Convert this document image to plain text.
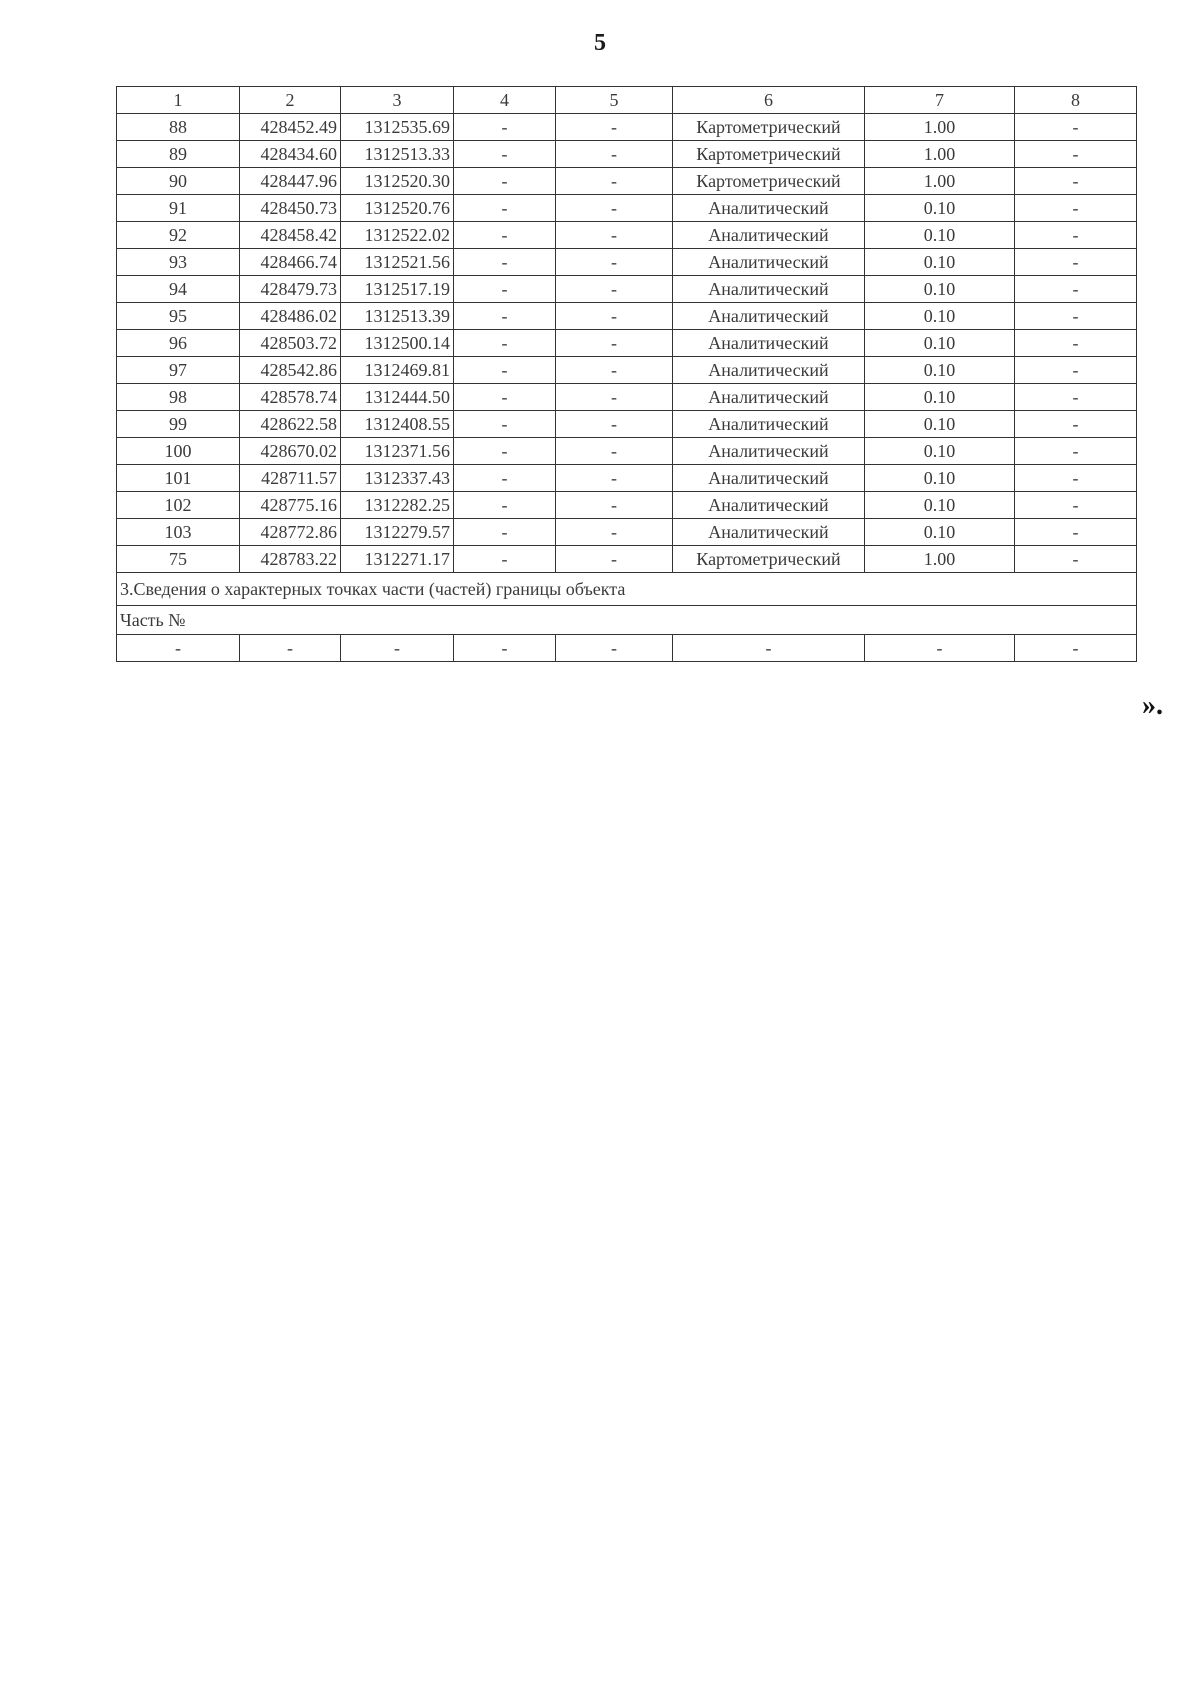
5
1	2	3	4	5	6	7	8
88	428452.49	1312535.69	-	-	Картометрический	1.00	-
89	428434.60	1312513.33	-	-	Картометрический	1.00	-
90	428447.96	1312520.30	-	-	Картометрический	1.00	-
91	428450.73	1312520.76	-	-	Аналитический	0.10	-
92	428458.42	1312522.02	-	-	Аналитический	0.10	-
93	428466.74	1312521.56	-	-	Аналитический	0.10	-
94	428479.73	1312517.19	-	-	Аналитический	0.10	-
95	428486.02	1312513.39	-	-	Аналитический	0.10	-
96	428503.72	1312500.14	-	-	Аналитический	0.10	-
97	428542.86	1312469.81	-	-	Аналитический	0.10	-
98	428578.74	1312444.50	-	-	Аналитический	0.10	-
99	428622.58	1312408.55	-	-	Аналитический	0.10	-
100	428670.02	1312371.56	-	-	Аналитический	0.10	-
101	428711.57	1312337.43	-	-	Аналитический	0.10	-
102	428775.16	1312282.25	-	-	Аналитический	0.10	-
103	428772.86	1312279.57	-	-	Аналитический	0.10	-
75	428783.22	1312271.17	-	-	Картометрический	1.00	-
3.Сведения о характерных точках части (частей) границы объекта							
Часть №							
-	-	-	-	-	-	-	-
».
